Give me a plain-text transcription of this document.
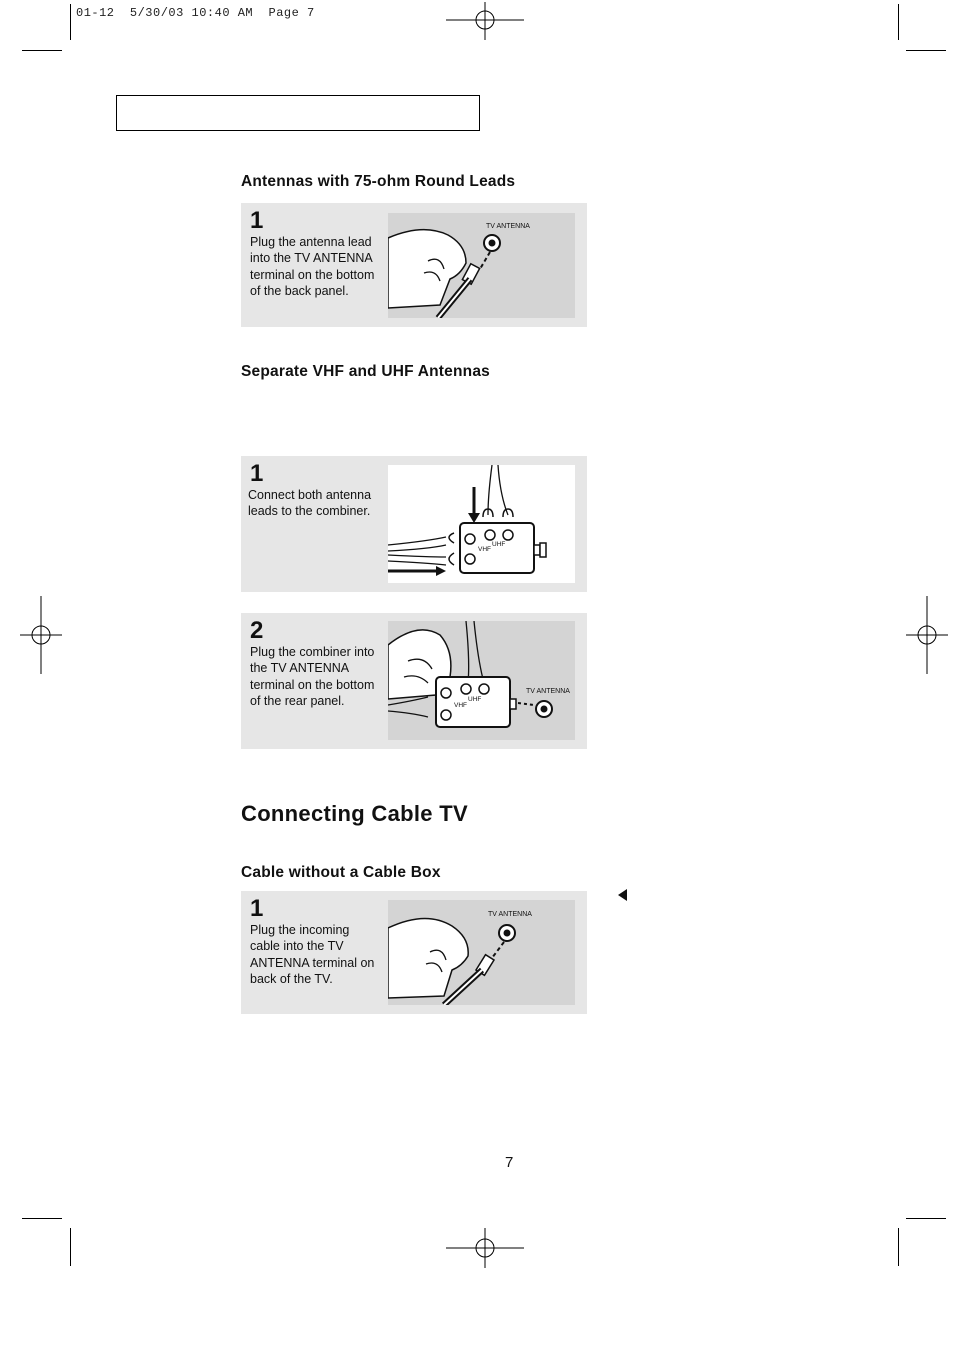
01-12  5/30/03 10:40 AM  Page 7
Antennas with 75-ohm Round Leads
1
Plug the antenna lead into the TV ANTENNA terminal on the bottom of the back panel.
TV ANTENNA
Separate VHF and UHF Antennas
1
Connect both antenna leads to the combiner.
VHF
UHF
2
Plug the combiner into the TV ANTENNA terminal on the bottom of the rear panel.	VHF
UHF
TV ANTENNA
Connecting Cable TV
Cable without a Cable Box
1
Plug the incoming cable into the TV ANTENNA terminal on back of the TV.
TV ANTENNA
7
